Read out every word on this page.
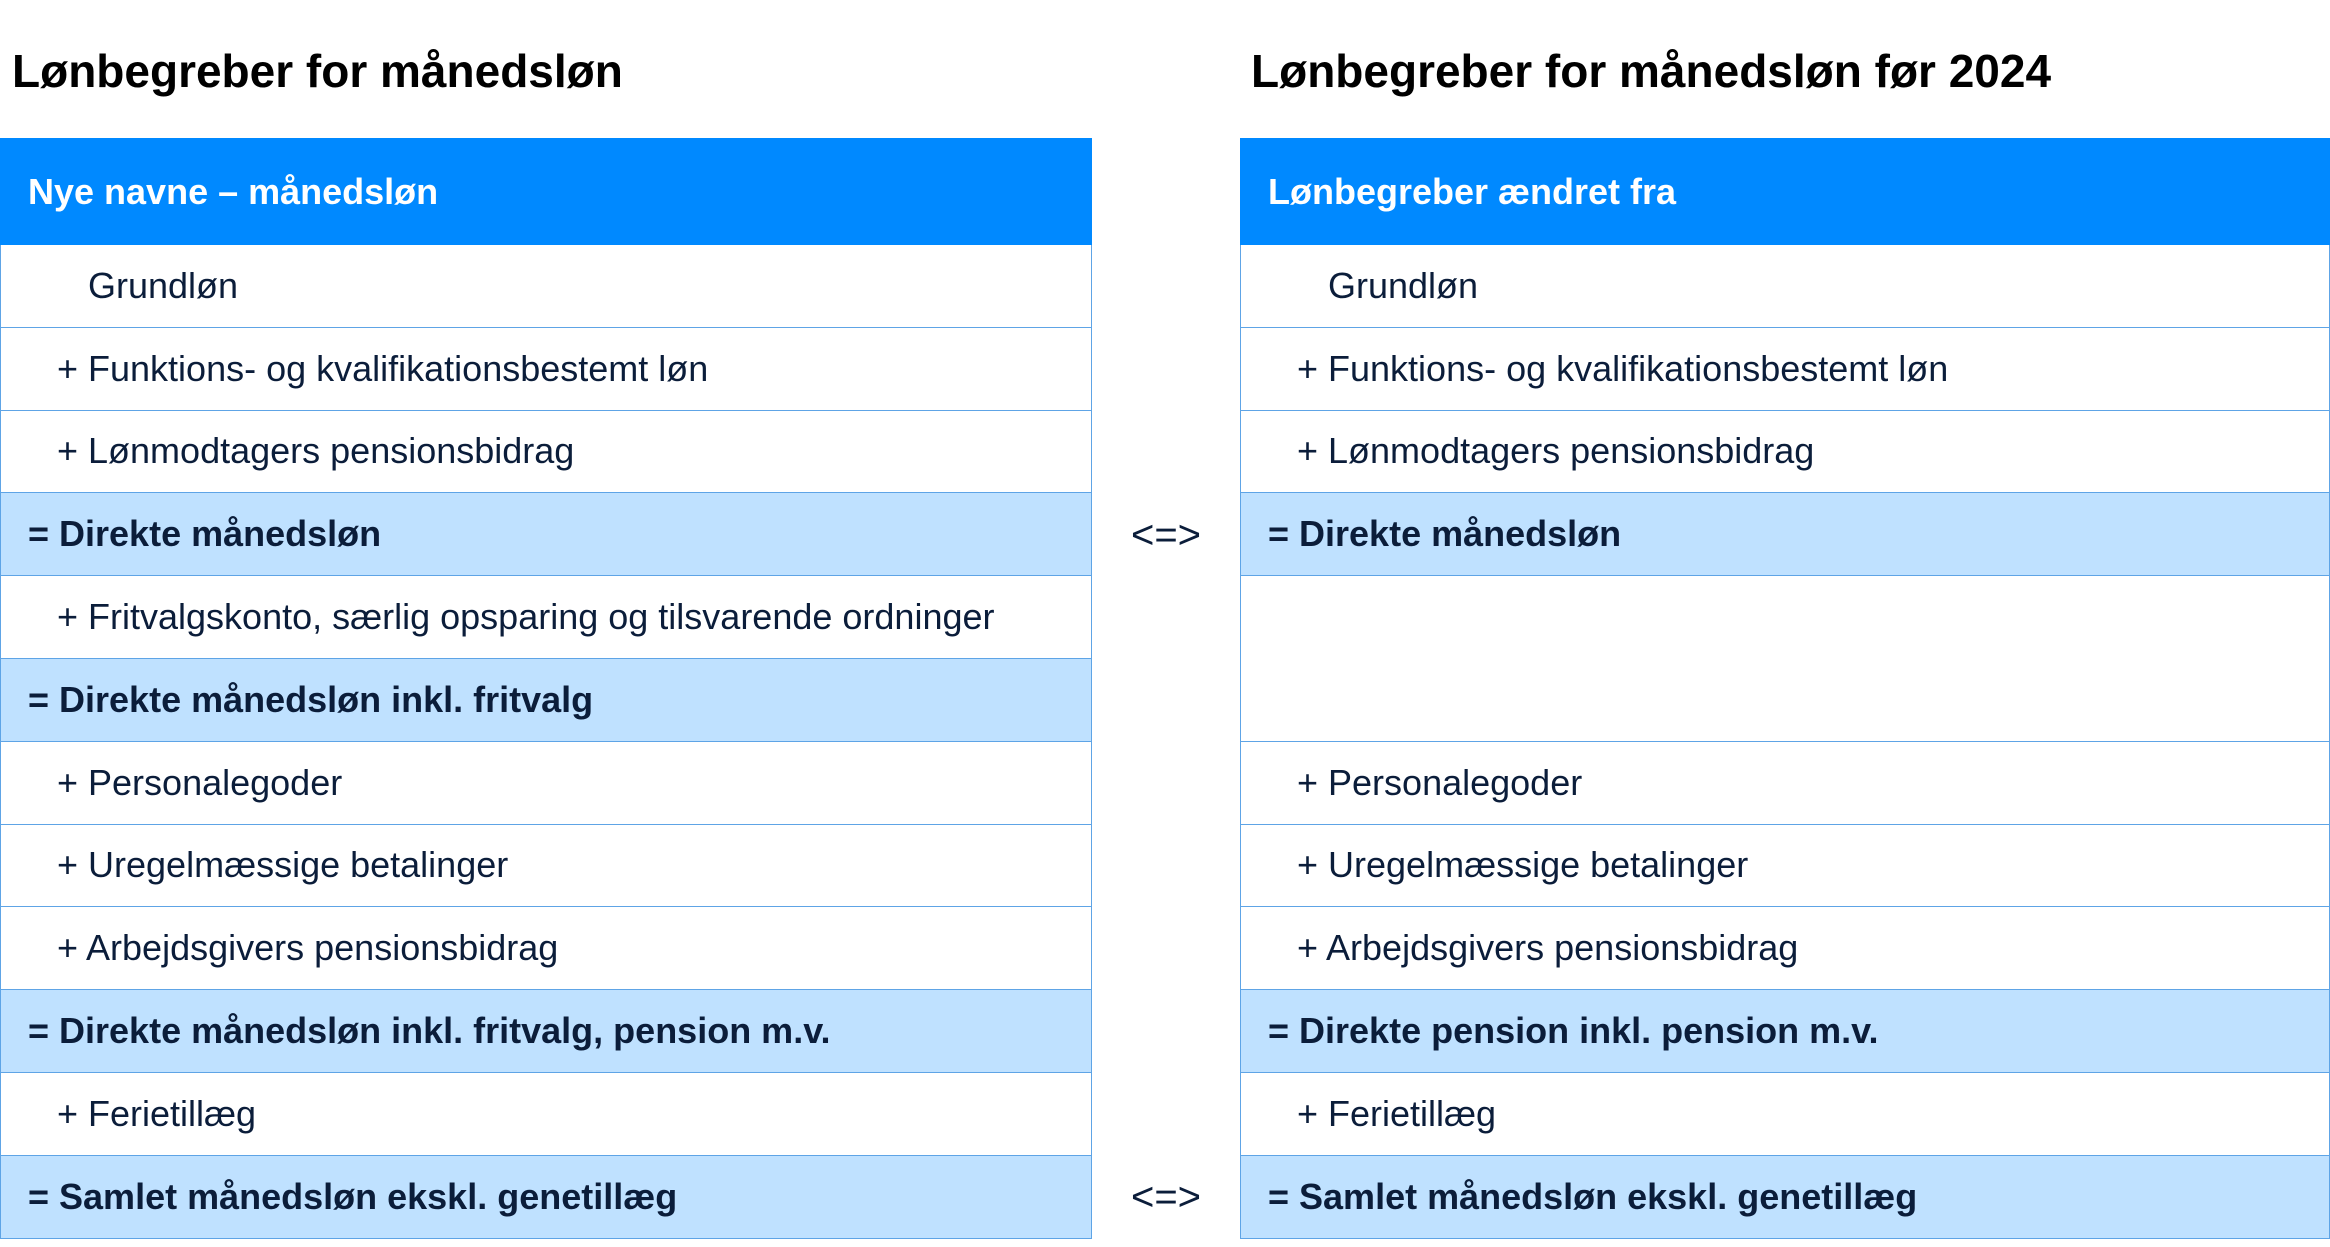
Lønbegreber for månedsløn	Lønbegreber for månedsløn før 2024
Nye navne – månedsløn
Grundløn
+ Funktions- og kvalifikationsbestemt løn
+ Lønmodtagers pensionsbidrag
= Direkte månedsløn
+ Fritvalgskonto, særlig opsparing og tilsvarende ordninger
= Direkte månedsløn inkl. fritvalg
+ Personalegoder
+ Uregelmæssige betalinger
+ Arbejdsgivers pensionsbidrag
= Direkte månedsløn inkl. fritvalg, pension m.v.
+ Ferietillæg
= Samlet månedsløn ekskl. genetillæg
<=>
<=>
Lønbegreber ændret fra
Grundløn
+ Funktions- og kvalifikationsbestemt løn
+ Lønmodtagers pensionsbidrag
= Direkte månedsløn
+ Personalegoder
+ Uregelmæssige betalinger
+ Arbejdsgivers pensionsbidrag
= Direkte pension inkl. pension m.v.
+ Ferietillæg
= Samlet månedsløn ekskl. genetillæg
